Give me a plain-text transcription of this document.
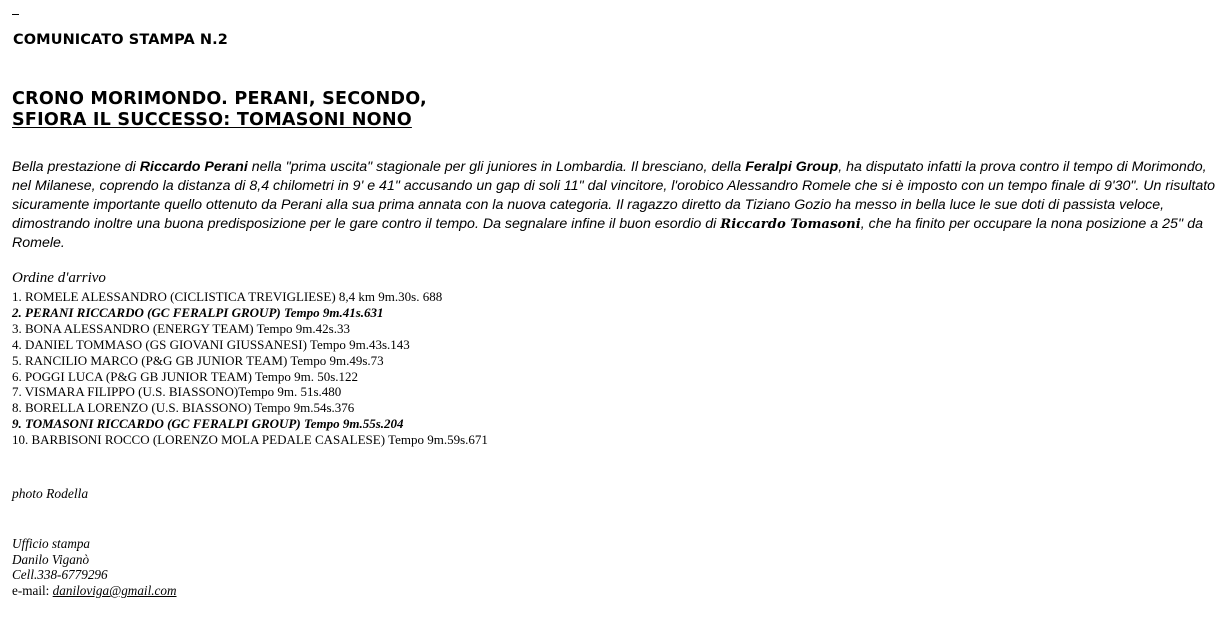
COMUNICATO STAMPA N.2
CRONO MORIMONDO. PERANI, SECONDO,
SFIORA IL SUCCESSO: TOMASONI NONO
Bella prestazione di Riccardo Perani nella "prima uscita" stagionale per gli juniores in Lombardia. Il bresciano, della Feralpi Group, ha disputato infatti la prova contro il tempo di Morimondo, nel Milanese, coprendo la distanza di 8,4 chilometri in 9' e 41" accusando un gap di soli 11" dal vincitore, l'orobico Alessandro Romele che si è imposto con un tempo finale di 9'30". Un risultato sicuramente importante quello ottenuto da Perani alla sua prima annata con la nuova categoria. Il ragazzo diretto da Tiziano Gozio ha messo in bella luce le sue doti di passista veloce, dimostrando inoltre una buona predisposizione per le gare contro il tempo. Da segnalare infine il buon esordio di Riccardo Tomasoni, che ha finito per occupare la nona posizione a 25'' da Romele.
Ordine d'arrivo
1. ROMELE ALESSANDRO (CICLISTICA TREVIGLIESE) 8,4 km 9m.30s. 688
2. PERANI RICCARDO (GC FERALPI GROUP) Tempo 9m.41s.631
3. BONA ALESSANDRO (ENERGY TEAM) Tempo 9m.42s.33
4. DANIEL TOMMASO (GS GIOVANI GIUSSANESI) Tempo 9m.43s.143
5. RANCILIO MARCO (P&G GB JUNIOR TEAM) Tempo 9m.49s.73
6. POGGI LUCA (P&G GB JUNIOR TEAM) Tempo 9m. 50s.122
7. VISMARA FILIPPO (U.S. BIASSONO)Tempo 9m. 51s.480
8. BORELLA LORENZO (U.S. BIASSONO) Tempo 9m.54s.376
9. TOMASONI RICCARDO (GC FERALPI GROUP) Tempo 9m.55s.204
10. BARBISONI ROCCO (LORENZO MOLA PEDALE CASALESE) Tempo 9m.59s.671
photo Rodella
Ufficio stampa
Danilo Viganò
Cell.338-6779296
e-mail: daniloviga@gmail.com
